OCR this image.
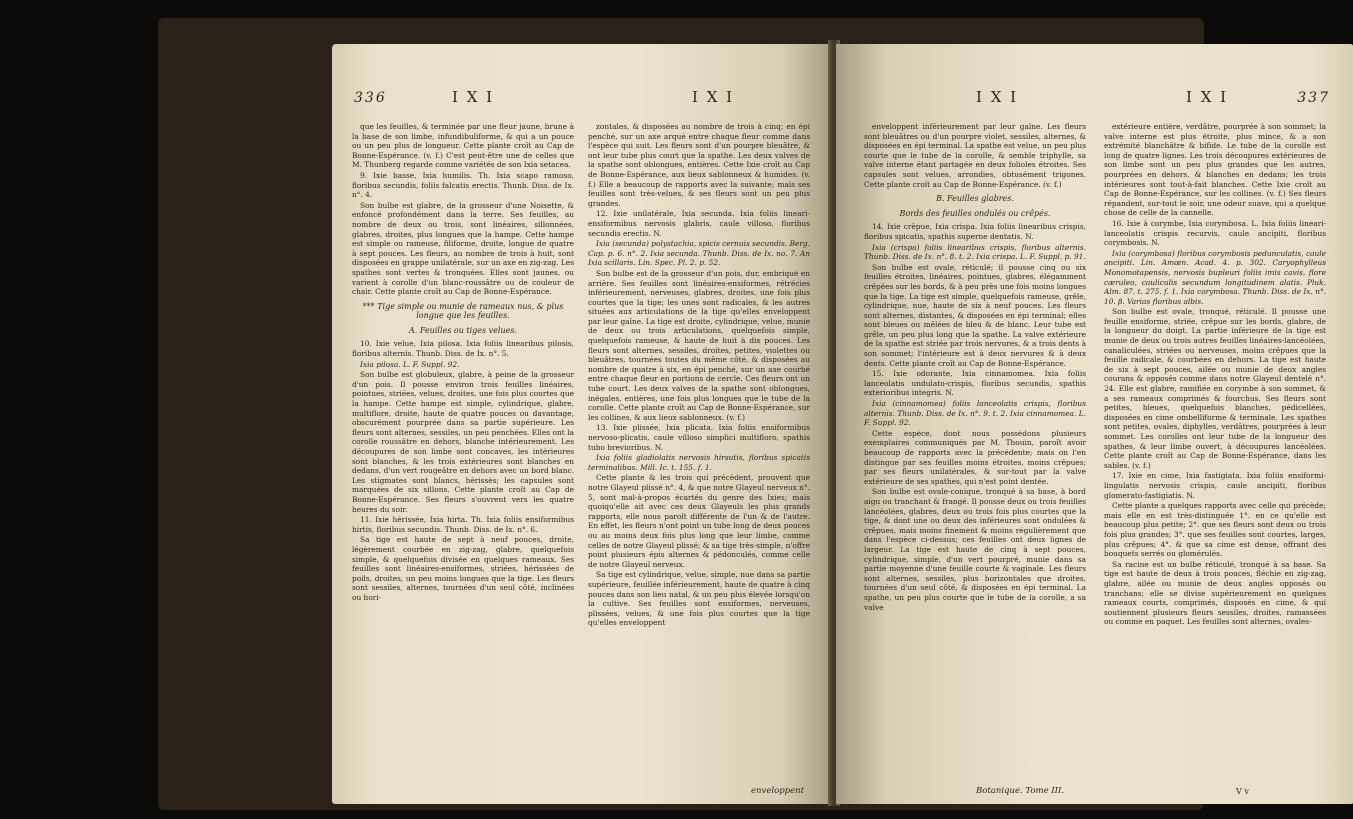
336	I X I	I X I

que les feuilles, & terminée par une fleur jaune, brune à la base de son limbe, infundibuliforme, & qui a un pouce ou un peu plus de longueur. Cette plante croît au Cap de Bonne-Espérance. (v. f.) C'est peut-être une de celles que M. Thunberg regarde comme variétés de son Ixia setacea.

9. Ixie basse, Ixia humilis. Th. Ixia scapo ramoso, floribus secundis, foliis falcatis erectis. Thunb. Diss. de Ix. n°. 4.

Son bulbe est glabre, de la grosseur d'une Noisette, & enfoncé profondément dans la terre. Ses feuilles, au nombre de deux ou trois, sont linéaires, sillonnées, glabres, droites, plus longues que la hampe. Cette hampe est simple ou rameuse, filiforme, droite, longue de quatre à sept pouces. Les fleurs, au nombre de trois à huit, sont disposées en grappe unilatérale, sur un axe en zig-zag. Les spathes sont vertes & tronquées. Elles sont jaunes, ou varient à corolle d'un blanc-roussâtre ou de couleur de chair. Cette plante croît au Cap de Bonne-Espérance.

*** Tige simple ou munie de rameaux nus, & plus longue que les feuilles.

A. Feuilles ou tiges velues.

10. Ixie velue, Ixia pilosa. Ixia foliis linearibus pilosis, floribus alternis. Thunb. Diss. de Ix. n°. 5.

Ixia pilosa. L. F. Suppl. 92.

Son bulbe est globuleux, glabre, à peine de la grosseur d'un pois. Il pousse environ trois feuilles linéaires, pointues, striées, velues, droites, une fois plus courtes que la hampe. Cette hampe est simple, cylindrique, glabre, multiflore, droite, haute de quatre pouces ou davantage, obscurément pourprée dans sa partie supérieure. Les fleurs sont alternes, sessiles, un peu penchées. Elles ont la corolle roussâtre en dehors, blanche intérieurement. Les découpures de son limbe sont concaves, les intérieures sont blanches, & les trois extérieures sont blanches en dedans, d'un vert rougeâtre en dehors avec un bord blanc. Les stigmates sont blancs, hérissés; les capsules sont marquées de six sillons. Cette plante croît au Cap de Bonne-Espérance. Ses fleurs s'ouvrent vers les quatre heures du soir.

11. Ixie hérissée, Ixia hirta. Th. Ixia foliis ensiformibus hirtis, floribus secundis. Thunb. Diss. de Ix. n°. 6.

Sa tige est haute de sept à neuf pouces, droite, légèrement courbée en zig-zag, glabre, quelquefois simple, & quelquefois divisée en quelques rameaux. Ses feuilles sont linéaires-ensiformes, striées, hérissées de poils, droites, un peu moins longues que la tige. Les fleurs sont sessiles, alternes, tournées d'un seul côté, inclinées ou hori-

zontales, & disposées au nombre de trois à cinq; en épi penché, sur un axe arqué entre chaque fleur comme dans l'espèce qui suit. Les fleurs sont d'un pourpre bleuâtre, & ont leur tube plus court que la spathe. Les deux valves de la spathe sont oblongues, entières. Cette Ixie croît au Cap de Bonne-Espérance, aux lieux sablonneux & humides. (v. f.) Elle a beaucoup de rapports avec la suivante; mais ses feuilles sont très-velues, & ses fleurs sont un peu plus grandes.

12. Ixie unilatérale, Ixia secunda. Ixia foliis lineari-ensiformibus nervosis glabris, caule villoso, floribus secundis erectis. N.

Ixia (secunda) polystachia, spicis cernuis secundis. Berg. Cap. p. 6. n°. 2. Ixia secunda. Thunb. Diss. de Ix. no. 7. An Ixia scillaris. Lin. Spec. Pl. 2. p. 52.

Son bulbe est de la grosseur d'un pois, dur, embriqué en arrière. Ses feuilles sont linéaires-ensiformes, rétrécies inférieurement, nerveuses, glabres, droites, une fois plus courtes que la tige; les unes sont radicales, & les autres situées aux articulations de la tige qu'elles enveloppent par leur gaîne. La tige est droite, cylindrique, velue, munie de deux ou trois articulations, quelquefois simple, quelquefois rameuse, & haute de huit à dix pouces. Les fleurs sont alternes, sessiles, droites, petites, violettes ou bleuâtres, tournées toutes du même côté, & disposées au nombre de quatre à six, en épi penché, sur un axe courbé entre chaque fleur en portions de cercle. Ces fleurs ont un tube court. Les deux valves de la spathe sont oblongues, inégales, entières, une fois plus longues que le tube de la corolle. Cette plante croît au Cap de Bonne-Espérance, sur les collines, & aux lieux sablonneux. (v. f.)

13. Ixie plissée, Ixia plicata. Ixia foliis ensiformibus nervoso-plicatis, caule villoso simplici multifloro, spathis tubo brevioribus. N.

Ixia foliis gladiolatis nervosis hirsutis, floribus spicatis terminalibus. Mill. Ic. t. 155. f. 1.

Cette plante & les trois qui précèdent, prouvent que notre Glayeul plissé n°. 4, & que notre Glayeul nerveux n°. 5, sont mal-à-propos écartés du genre des Ixies; mais quoiqu'elle ait avec ces deux Glayeuls les plus grands rapports, elle nous paroît différente de l'un & de l'autre. En effet, les fleurs n'ont point un tube long de deux pouces ou au moins deux fois plus long que leur limbe, comme celles de notre Glayeul plissé; & sa tige très-simple, n'offre point plusieurs épis alternes & pédonculés, comme celle de notre Glayeul nerveux.

Sa tige est cylindrique, velue, simple, nue dans sa partie supérieure, feuillée inférieurement, haute de quatre à cinq pouces dans son lieu natal, & un peu plus élevée lorsqu'on la cultive. Ses feuilles sont ensiformes, nerveuses, plissées, velues, & une fois plus courtes que la tige qu'elles enveloppent

enveloppent
I X I	I X I	337

enveloppent inférieurement par leur gaîne. Les fleurs sont bleuâtres ou d'un pourpre violet, sessiles, alternes, & disposées en épi terminal. La spathe est velue, un peu plus courte que le tube de la corolle, & semble triphylle, sa valve interne étant partagée en deux folioles étroites. Ses capsules sont velues, arrondies, obtusément trigones. Cette plante croît au Cap de Bonne-Espérance. (v. f.)

B. Feuilles glabres.

Bords des feuilles ondulés ou crêpés.

14. Ixie crêpue, Ixia crispa. Ixia foliis linearibus crispis, floribus spicatis, spathis superne dentatis. N.

Ixia (crispa) foliis linearibus crispis, floribus alternis. Thunb. Diss. de Ix. n°. 8. t. 2. Ixia crispa. L. F. Suppl. p. 91.

Son bulbe est ovale, réticulé; il pousse cinq ou six feuilles étroites, linéaires, pointues, glabres, élégamment crêpées sur les bords, & à peu près une fois moins longues que la tige. La tige est simple, quelquefois rameuse, grêle, cylindrique, nue, haute de six à neuf pouces. Les fleurs sont alternes, distantes, & disposées en épi terminal; elles sont bleues ou mêlées de bleu & de blanc. Leur tube est grêle, un peu plus long que la spathe. La valve extérieure de la spathe est striée par trois nervures, & a trois dents à son sommet; l'intérieure est à deux nervures & à deux dents. Cette plante croît au Cap de Bonne-Espérance.

15. Ixie odorante, Ixia cinnamomea. Ixia foliis lanceolatis undulato-crispis, floribus secundis, spathis exterioribus integris. N.

Ixia (cinnamomea) foliis lanceolatis crispis, floribus alternis. Thunb. Diss. de Ix. n°. 9. t. 2. Ixia cinnamomea. L. F. Suppl. 92.

Cette espèce, dont nous possédons plusieurs exemplaires communiqués par M. Thouin, paroît avoir beaucoup de rapports avec la précédente; mais on l'en distingue par ses feuilles moins étroites, moins crêpues; par ses fleurs unilatérales, & sur-tout par la valve extérieure de ses spathes, qui n'est point dentée.

Son bulbe est ovale-conique, tronqué à sa base, à bord aigu ou tranchant & frangé. Il pousse deux ou trois feuilles lancéolées, glabres, deux ou trois fois plus courtes que la tige, & dont une ou deux des inférieures sont ondulées & crêpues, mais moins finement & moins régulièrement que dans l'espèce ci-dessus; ces feuilles ont deux lignes de largeur. La tige est haute de cinq à sept pouces, cylindrique, simple, d'un vert pourpré, munie dans sa partie moyenne d'une feuille courte & vaginale. Les fleurs sont alternes, sessiles, plus horizontales que droites, tournées d'un seul côté, & disposées en épi terminal. La spathe, un peu plus courte que le tube de la corolle, a sa valve

extérieure entière, verdâtre, pourprée à son sommet; la valve interne est plus étroite, plus mince, & a son extrémité blanchâtre & bifide. Le tube de la corolle est long de quatre lignes. Les trois découpures extérieures de son limbe sont un peu plus grandes que les autres, pourprées en dehors, & blanches en dedans; les trois intérieures sont tout-à-fait blanches. Cette Ixie croît au Cap de Bonne-Espérance, sur les collines. (v. f.) Ses fleurs répandent, sur-tout le soir, une odeur suave, qui a quelque chose de celle de la cannelle.

16. Ixie à corymbe, Ixia corymbosa. L. Ixia foliis lineari-lanceolatis crispis recurvis, caule ancipiti, floribus corymbosis. N.

Ixia (corymbosa) floribus corymbosis pedunculatis, caule ancipiti. Lin. Amœn. Acad. 4. p. 302. Caryophylleus Monomotapensis, nervosis bupleuri foliis imis cavis, flore cæruleo, cauliculis secundum longitudinem alatis. Pluk. Alm. 87. t. 275. f. 1. Ixia corymbosa. Thunb. Diss. de Ix. n°. 10. β. Varias floribus albis.

Son bulbe est ovale, tronqué, réticulé. Il pousse une feuille ensiforme, striée, crêpue sur les bords, glabre, de la longueur du doigt. La partie inférieure de la tige est munie de deux ou trois autres feuilles linéaires-lancéolées, canaliculées, striées ou nerveuses, moins crêpues que la feuille radicale, & courbées en dehors. La tige est haute de six à sept pouces, ailée ou munie de deux angles courans & opposés comme dans notre Glayeul dentelé n°. 24. Elle est glabre, ramifiée en corymbe à son sommet, & a ses rameaux comprimés & fourchus. Ses fleurs sont petites, bleues, quelquefois blanches, pédicellées, disposées en cime ombelliforme & terminale. Les spathes sont petites, ovales, diphylles, verdâtres, pourprées à leur sommet. Les corolles ont leur tube de la longueur des spathes, & leur limbe ouvert, à découpures lancéolées. Cette plante croît au Cap de Bonne-Espérance, dans les sables. (v. f.)

17. Ixie en cime, Ixia fastigiata. Ixia foliis ensiformi-lingulatis nervosis crispis, caule ancipiti, floribus glomerato-fastigiatis. N.

Cette plante a quelques rapports avec celle qui précède; mais elle en est très-distinguée 1°. en ce qu'elle est beaucoup plus petite; 2°. que ses fleurs sont deux ou trois fois plus grandes; 3°. que ses feuilles sont courtes, larges, plus crêpues; 4°. & que sa cime est dense, offrant des bouquets serrés ou glomérulés.

Sa racine est un bulbe réticulé, tronqué à sa base. Sa tige est haute de deux à trois pouces, fléchie en zig-zag, glabre, ailée ou munie de deux angles opposés ou tranchans; elle se divise supérieurement en quelques rameaux courts, comprimés, disposés en cime, & qui soutiennent plusieurs fleurs sessiles, droites, ramassées ou comme en paquet. Les feuilles sont alternes, ovales-

Botanique. Tome III.	V v
